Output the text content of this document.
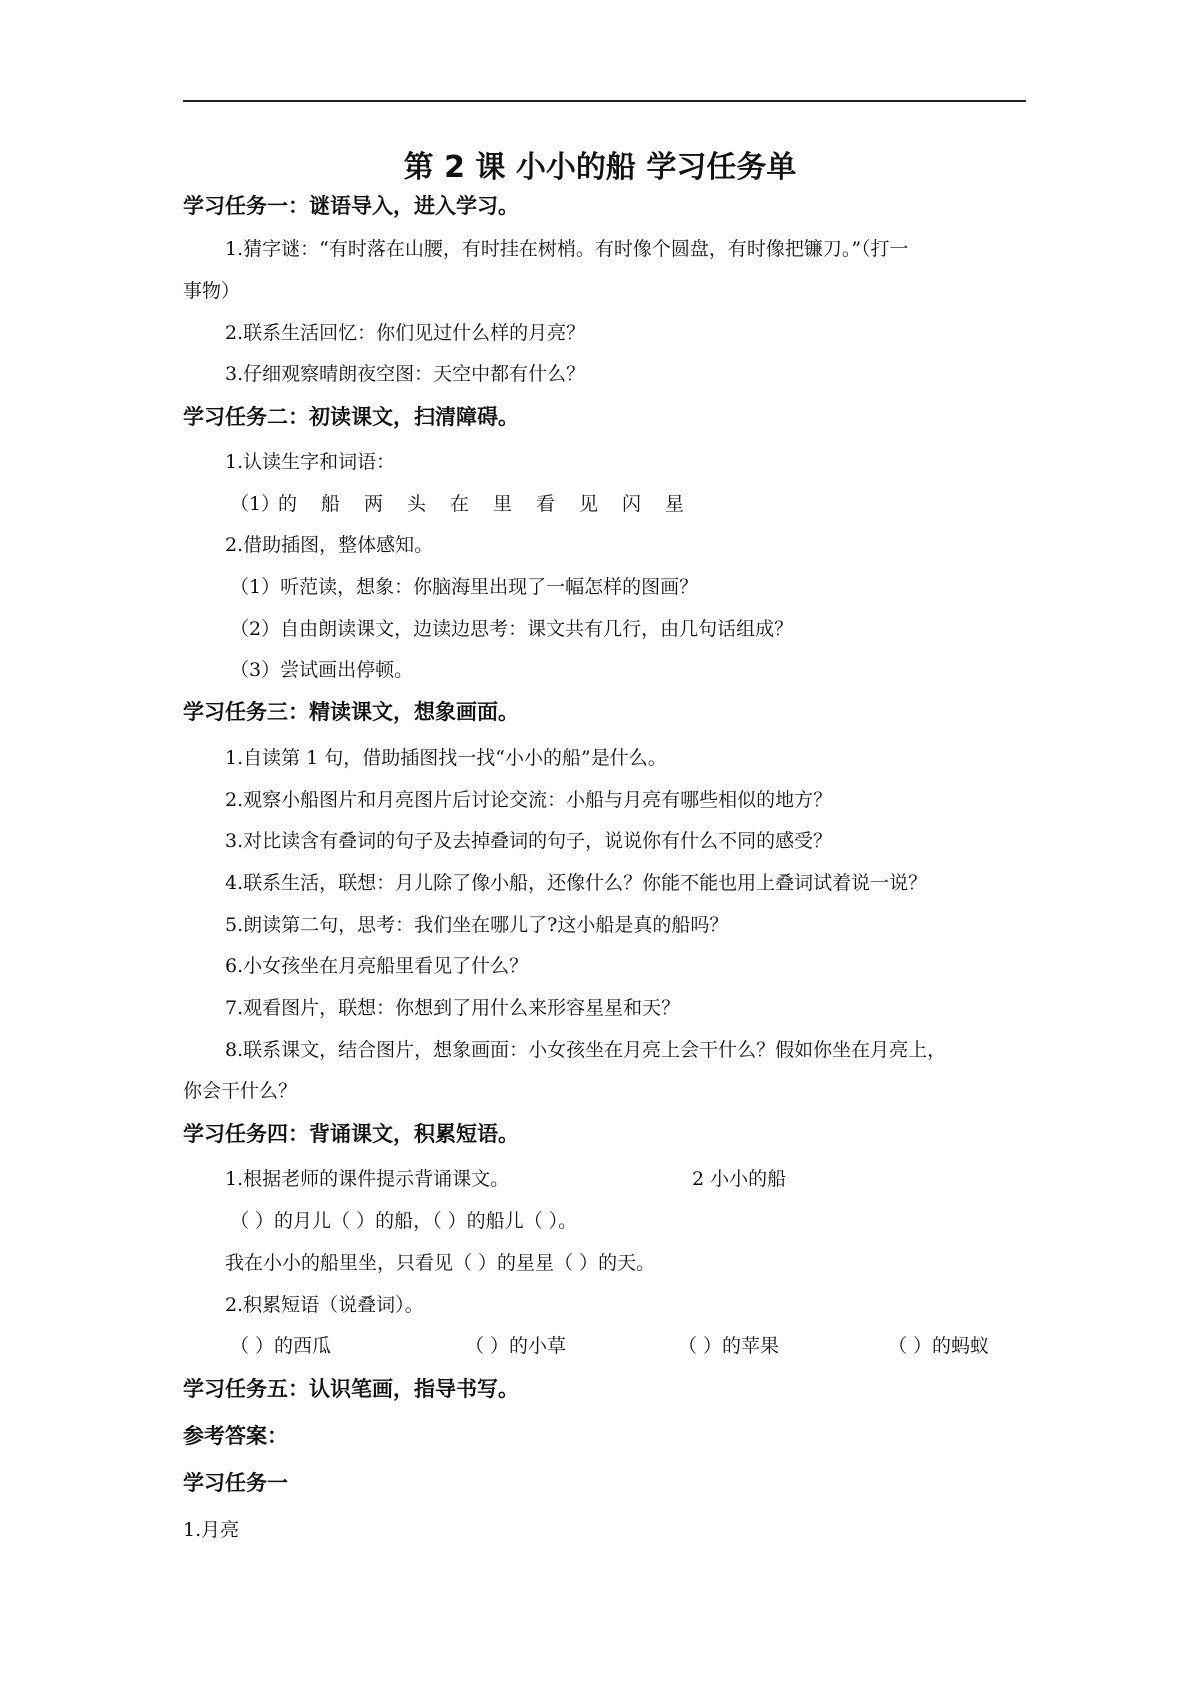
第 2 课 小小的船 学习任务单
学习任务一：谜语导入，进入学习。
1.猜字谜：“有时落在山腰，有时挂在树梢。有时像个圆盘，有时像把镰刀。”（打一
事物）
2.联系生活回忆：你们见过什么样的月亮？
3.仔细观察晴朗夜空图：天空中都有什么？
学习任务二：初读课文，扫清障碍。
1.认读生字和词语：
（1）的 船 两 头 在 里 看 见 闪 星
2.借助插图，整体感知。
（1）听范读，想象：你脑海里出现了一幅怎样的图画？
（2）自由朗读课文，边读边思考：课文共有几行，由几句话组成？
（3）尝试画出停顿。
学习任务三：精读课文，想象画面。
1.自读第 1 句，借助插图找一找“小小的船”是什么。
2.观察小船图片和月亮图片后讨论交流：小船与月亮有哪些相似的地方？
3.对比读含有叠词的句子及去掉叠词的句子，说说你有什么不同的感受？
4.联系生活，联想：月儿除了像小船，还像什么？你能不能也用上叠词试着说一说？
5.朗读第二句，思考：我们坐在哪儿了?这小船是真的船吗？
6.小女孩坐在月亮船里看见了什么？
7.观看图片，联想：你想到了用什么来形容星星和天？
8.联系课文，结合图片，想象画面：小女孩坐在月亮上会干什么？假如你坐在月亮上，
你会干什么？
学习任务四：背诵课文，积累短语。
1.根据老师的课件提示背诵课文。	2 小小的船
（ ）的月儿（ ）的船，（ ）的船儿（ ）。
我在小小的船里坐，只看见（ ）的星星（ ）的天。
2.积累短语（说叠词）。
（ ）的西瓜	（ ）的小草	（ ）的苹果	（ ）的蚂蚁
学习任务五：认识笔画，指导书写。
参考答案：
学习任务一
1.月亮
